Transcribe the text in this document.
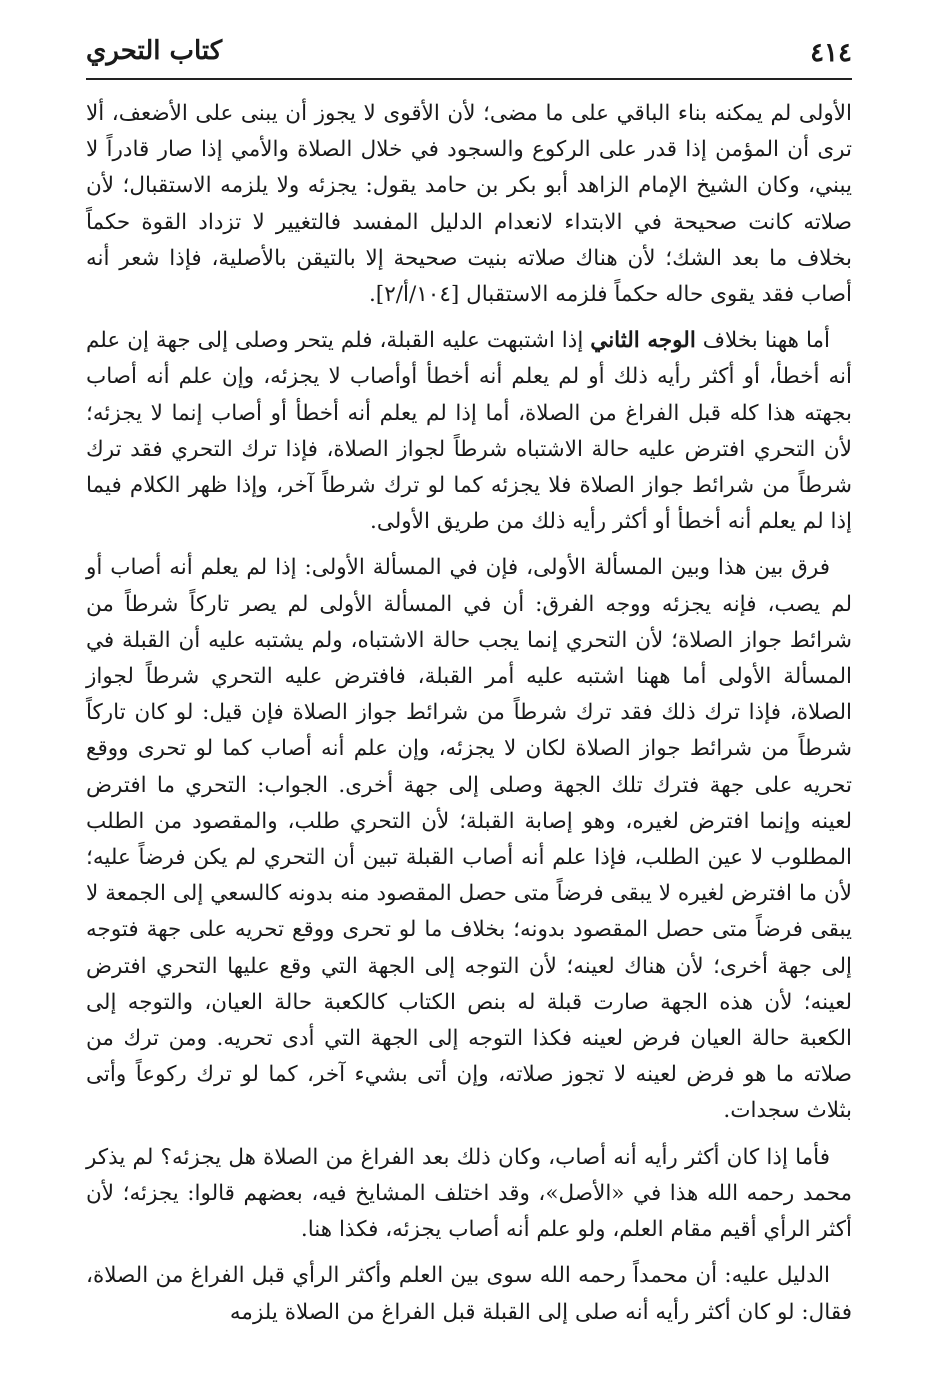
٤١٤
كتاب التحري

الأولى لم يمكنه بناء الباقي على ما مضى؛ لأن الأقوى لا يجوز أن يبنى على الأضعف، ألا ترى أن المؤمن إذا قدر على الركوع والسجود في خلال الصلاة والأمي إذا صار قادراً لا يبني، وكان الشيخ الإمام الزاهد أبو بكر بن حامد يقول: يجزئه ولا يلزمه الاستقبال؛ لأن صلاته كانت صحيحة في الابتداء لانعدام الدليل المفسد فالتغيير لا تزداد القوة حكماً بخلاف ما بعد الشك؛ لأن هناك صلاته بنيت صحيحة إلا بالتيقن بالأصلية، فإذا شعر أنه أصاب فقد يقوى حاله حكماً فلزمه الاستقبال [١٠٤/أ/٢].

أما ههنا بخلاف الوجه الثاني إذا اشتبهت عليه القبلة، فلم يتحر وصلى إلى جهة إن علم أنه أخطأ، أو أكثر رأيه ذلك أو لم يعلم أنه أخطأ أوأصاب لا يجزئه، وإن علم أنه أصاب بجهته هذا كله قبل الفراغ من الصلاة، أما إذا لم يعلم أنه أخطأ أو أصاب إنما لا يجزئه؛ لأن التحري افترض عليه حالة الاشتباه شرطاً لجواز الصلاة، فإذا ترك التحري فقد ترك شرطاً من شرائط جواز الصلاة فلا يجزئه كما لو ترك شرطاً آخر، وإذا ظهر الكلام فيما إذا لم يعلم أنه أخطأ أو أكثر رأيه ذلك من طريق الأولى.

فرق بين هذا وبين المسألة الأولى، فإن في المسألة الأولى: إذا لم يعلم أنه أصاب أو لم يصب، فإنه يجزئه ووجه الفرق: أن في المسألة الأولى لم يصر تاركاً شرطاً من شرائط جواز الصلاة؛ لأن التحري إنما يجب حالة الاشتباه، ولم يشتبه عليه أن القبلة في المسألة الأولى أما ههنا اشتبه عليه أمر القبلة، فافترض عليه التحري شرطاً لجواز الصلاة، فإذا ترك ذلك فقد ترك شرطاً من شرائط جواز الصلاة فإن قيل: لو كان تاركاً شرطاً من شرائط جواز الصلاة لكان لا يجزئه، وإن علم أنه أصاب كما لو تحرى ووقع تحريه على جهة فترك تلك الجهة وصلى إلى جهة أخرى. الجواب: التحري ما افترض لعينه وإنما افترض لغيره، وهو إصابة القبلة؛ لأن التحري طلب، والمقصود من الطلب المطلوب لا عين الطلب، فإذا علم أنه أصاب القبلة تبين أن التحري لم يكن فرضاً عليه؛ لأن ما افترض لغيره لا يبقى فرضاً متى حصل المقصود منه بدونه كالسعي إلى الجمعة لا يبقى فرضاً متى حصل المقصود بدونه؛ بخلاف ما لو تحرى ووقع تحريه على جهة فتوجه إلى جهة أخرى؛ لأن هناك لعينه؛ لأن التوجه إلى الجهة التي وقع عليها التحري افترض لعينه؛ لأن هذه الجهة صارت قبلة له بنص الكتاب كالكعبة حالة العيان، والتوجه إلى الكعبة حالة العيان فرض لعينه فكذا التوجه إلى الجهة التي أدى تحريه. ومن ترك من صلاته ما هو فرض لعينه لا تجوز صلاته، وإن أتى بشيء آخر، كما لو ترك ركوعاً وأتى بثلاث سجدات.

فأما إذا كان أكثر رأيه أنه أصاب، وكان ذلك بعد الفراغ من الصلاة هل يجزئه؟ لم يذكر محمد رحمه الله هذا في «الأصل»، وقد اختلف المشايخ فيه، بعضهم قالوا: يجزئه؛ لأن أكثر الرأي أقيم مقام العلم، ولو علم أنه أصاب يجزئه، فكذا هنا.

الدليل عليه: أن محمداً رحمه الله سوى بين العلم وأكثر الرأي قبل الفراغ من الصلاة، فقال: لو كان أكثر رأيه أنه صلى إلى القبلة قبل الفراغ من الصلاة يلزمه
